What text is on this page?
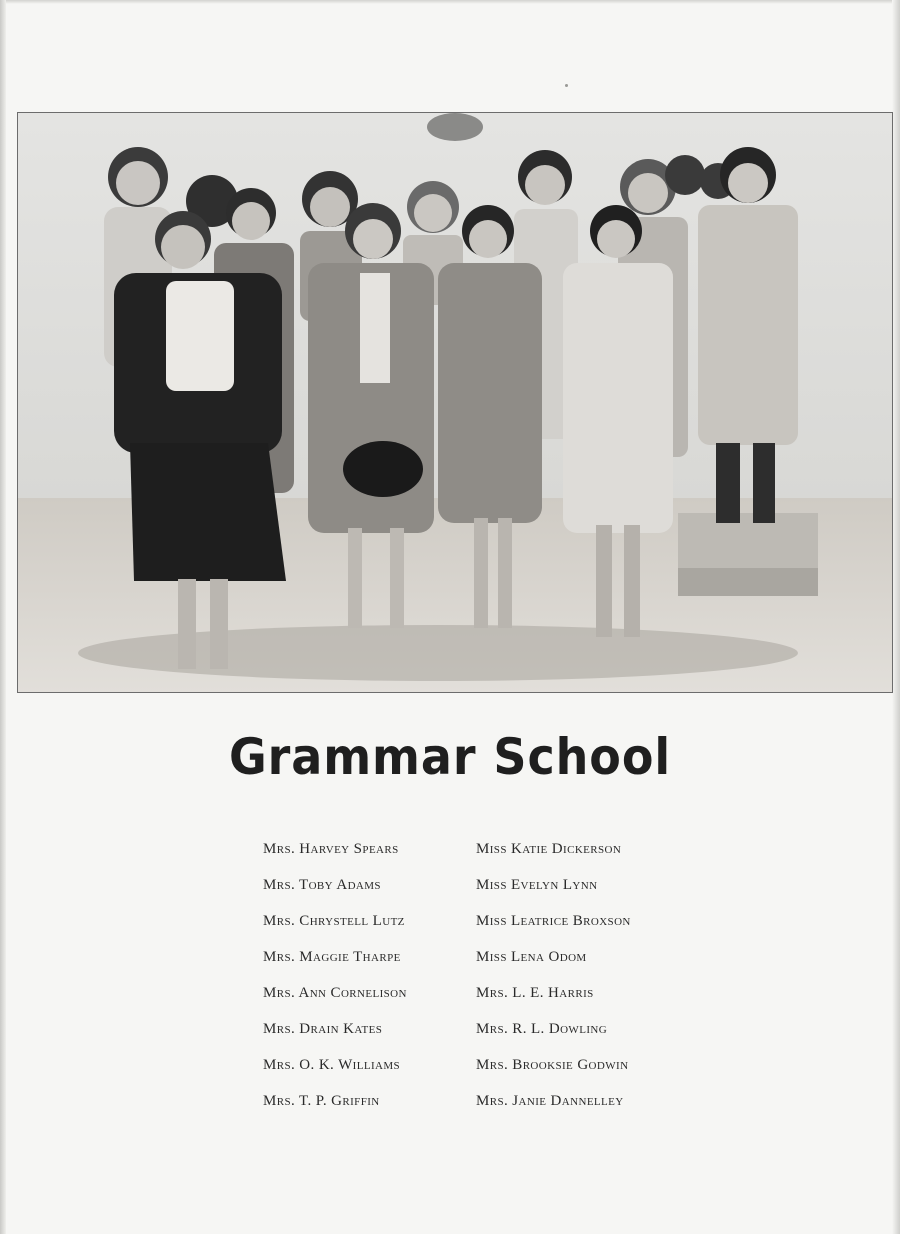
Grammar School
Mrs. Harvey Spears
Mrs. Toby Adams
Mrs. Chrystell Lutz
Mrs. Maggie Tharpe
Mrs. Ann Cornelison
Mrs. Drain Kates
Mrs. O. K. Williams
Mrs. T. P. Griffin
Miss Katie Dickerson
Miss Evelyn Lynn
Miss Leatrice Broxson
Miss Lena Odom
Mrs. L. E. Harris
Mrs. R. L. Dowling
Mrs. Brooksie Godwin
Mrs. Janie Dannelley
